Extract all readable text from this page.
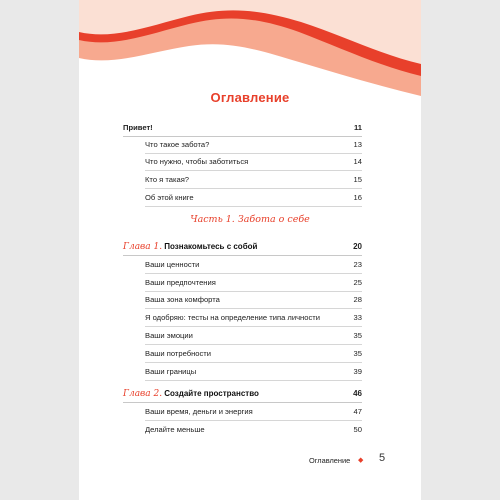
Оглавление
Привет!	11
Что такое забота?	13
Что нужно, чтобы заботиться	14
Кто я такая?	15
Об этой книге	16
Часть 1. Забота о себе
Глава 1. Познакомьтесь с собой	20
Ваши ценности	23
Ваши предпочтения	25
Ваша зона комфорта	28
Я одобряю: тесты на определение типа личности	33
Ваши эмоции	35
Ваши потребности	35
Ваши границы	39
Глава 2. Создайте пространство	46
Ваши время, деньги и энергия	47
Делайте меньше	50
Оглавление ◆ 5
